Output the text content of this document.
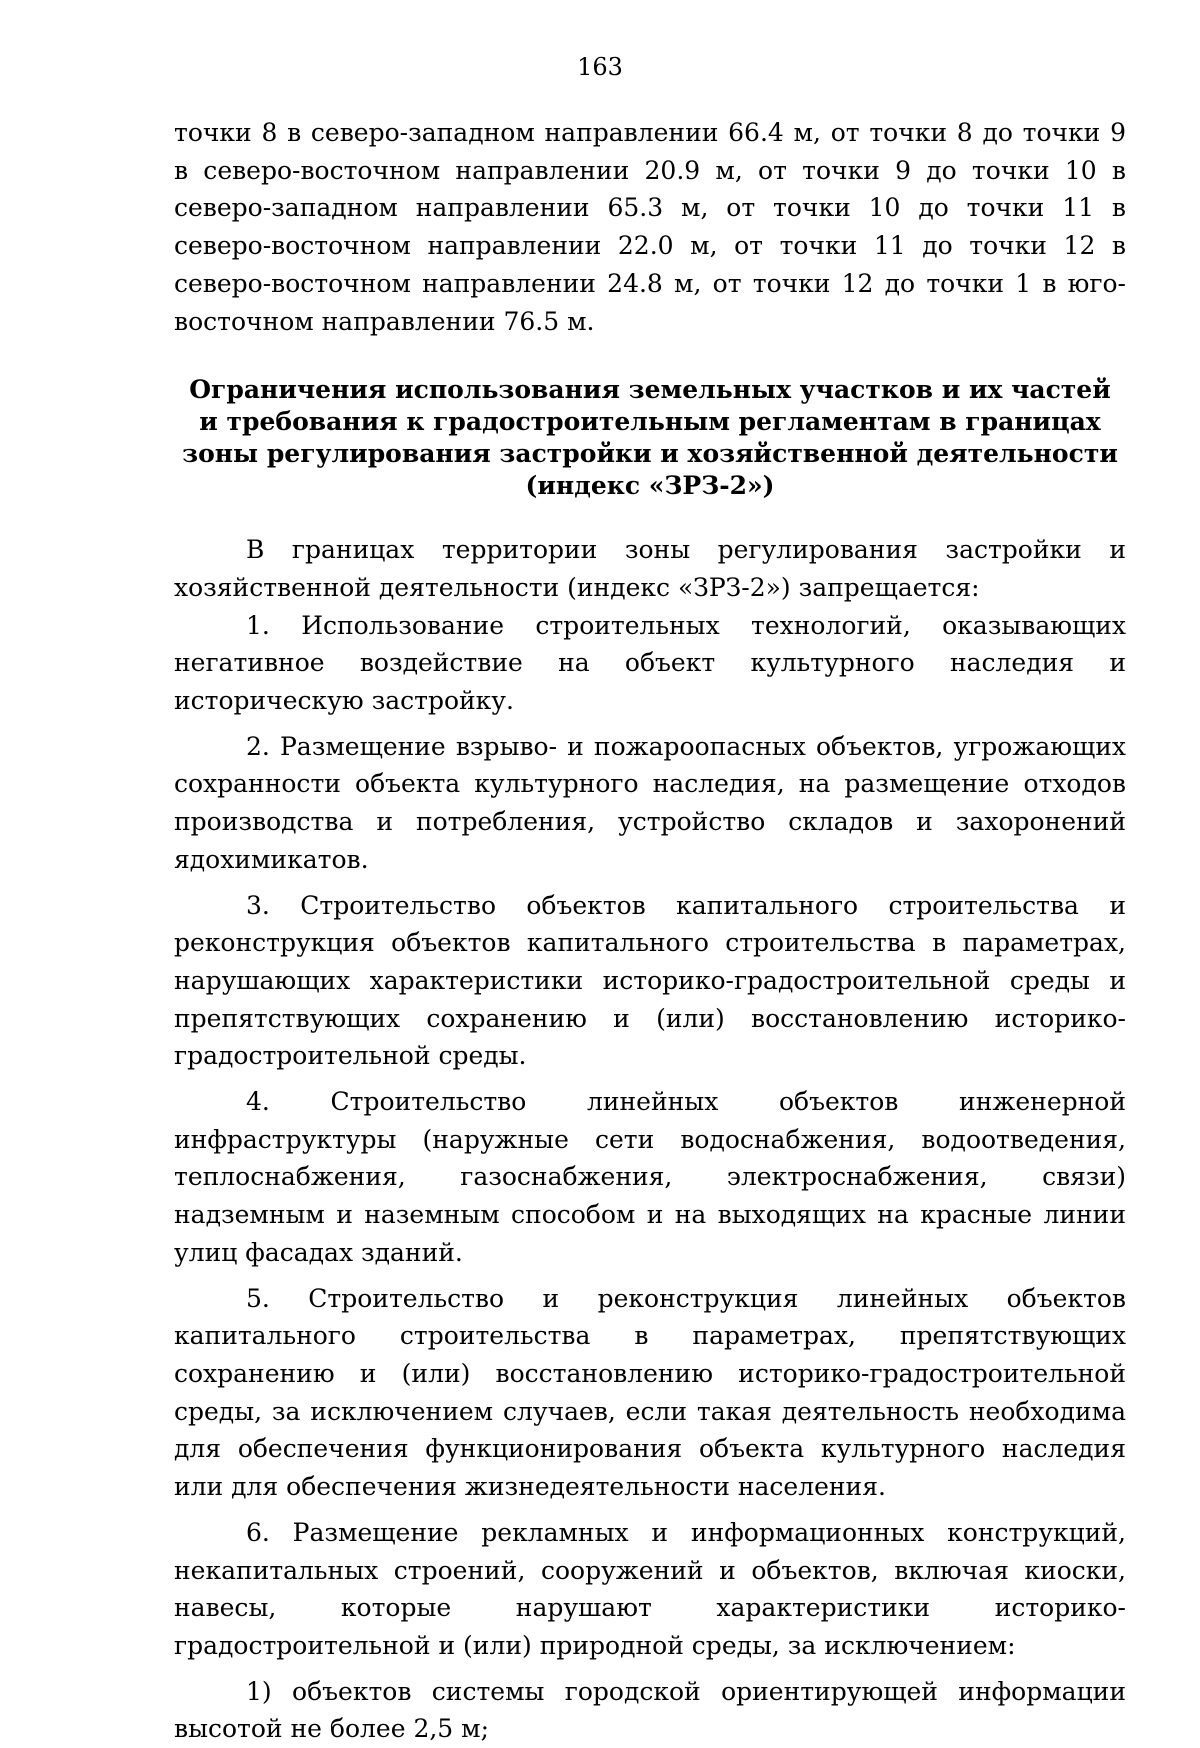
163

точки 8 в северо-западном направлении 66.4 м, от точки 8 до точки 9 в северо-восточном направлении 20.9 м, от точки 9 до точки 10 в северо-западном направлении 65.3 м, от точки 10 до точки 11 в северо-восточном направлении 22.0 м, от точки 11 до точки 12 в северо-восточном направлении 24.8 м, от точки 12 до точки 1 в юго-восточном направлении 76.5 м.

Ограничения использования земельных участков и их частей
и требования к градостроительным регламентам в границах
зоны регулирования застройки и хозяйственной деятельности
(индекс «ЗРЗ-2»)

В границах территории зоны регулирования застройки и хозяйственной деятельности (индекс «ЗРЗ-2») запрещается:

1. Использование строительных технологий, оказывающих негативное воздействие на объект культурного наследия и историческую застройку.

2. Размещение взрыво- и пожароопасных объектов, угрожающих сохранности объекта культурного наследия, на размещение отходов производства и потребления, устройство складов и захоронений ядохимикатов.

3. Строительство объектов капитального строительства и реконструкция объектов капитального строительства в параметрах, нарушающих характеристики историко-градостроительной среды и препятствующих сохранению и (или) восстановлению историко-градостроительной среды.

4. Строительство линейных объектов инженерной инфраструктуры (наружные сети водоснабжения, водоотведения, теплоснабжения, газоснабжения, электроснабжения, связи) надземным и наземным способом и на выходящих на красные линии улиц фасадах зданий.

5. Строительство и реконструкция линейных объектов капитального строительства в параметрах, препятствующих сохранению и (или) восстановлению историко-градостроительной среды, за исключением случаев, если такая деятельность необходима для обеспечения функционирования объекта культурного наследия или для обеспечения жизнедеятельности населения.

6. Размещение рекламных и информационных конструкций, некапитальных строений, сооружений и объектов, включая киоски, навесы, которые нарушают характеристики историко-градостроительной и (или) природной среды, за исключением:

1) объектов системы городской ориентирующей информации высотой не более 2,5 м;
